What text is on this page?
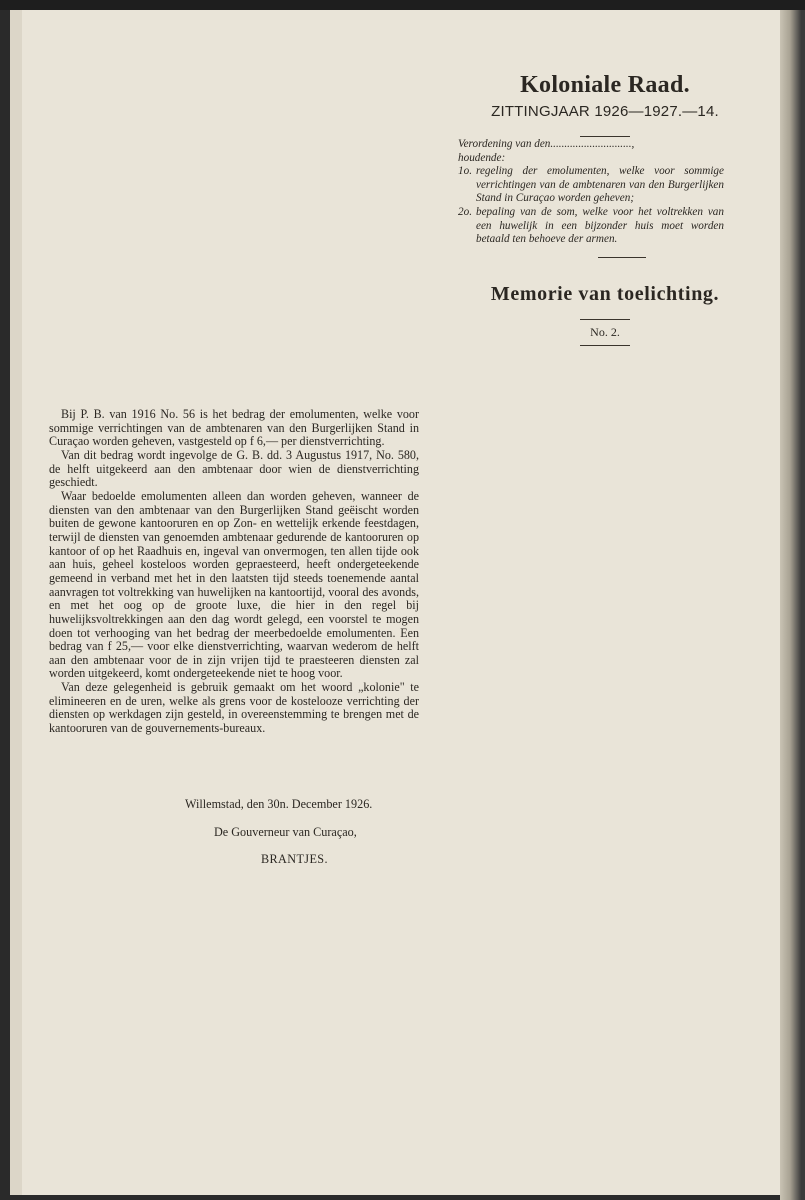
Koloniale Raad.
ZITTINGJAAR 1926—1927.—14.
Verordening van den.............................,
houdende:
1o. regeling der emolumenten, welke voor sommige verrichtingen van de ambtenaren van den Burgerlijken Stand in Curaçao worden geheven;
2o. bepaling van de som, welke voor het voltrekken van een huwelijk in een bijzonder huis moet worden betaald ten behoeve der armen.
Memorie van toelichting.
No. 2.

Bij P. B. van 1916 No. 56 is het bedrag der emolumenten, welke voor sommige verrichtingen van de ambtenaren van den Burgerlijken Stand in Curaçao worden geheven, vastgesteld op f 6,— per dienstverrichting.

Van dit bedrag wordt ingevolge de G. B. dd. 3 Augustus 1917, No. 580, de helft uitgekeerd aan den ambtenaar door wien de dienstverrichting geschiedt.

Waar bedoelde emolumenten alleen dan worden geheven, wanneer de diensten van den ambtenaar van den Burgerlijken Stand geëischt worden buiten de gewone kantooruren en op Zon- en wettelijk erkende feestdagen, terwijl de diensten van genoemden ambtenaar gedurende de kantooruren op kantoor of op het Raadhuis en, ingeval van onvermogen, ten allen tijde ook aan huis, geheel kosteloos worden gepraesteerd, heeft ondergeteekende gemeend in verband met het in den laatsten tijd steeds toenemende aantal aanvragen tot voltrekking van huwelijken na kantoortijd, vooral des avonds, en met het oog op de groote luxe, die hier in den regel bij huwelijksvoltrekkingen aan den dag wordt gelegd, een voorstel te mogen doen tot verhooging van het bedrag der meerbedoelde emolumenten. Een bedrag van f 25,— voor elke dienstverrichting, waarvan wederom de helft aan den ambtenaar voor de in zijn vrijen tijd te praesteeren diensten zal worden uitgekeerd, komt ondergeteekende niet te hoog voor.

Van deze gelegenheid is gebruik gemaakt om het woord „kolonie" te elimineeren en de uren, welke als grens voor de kostelooze verrichting der diensten op werkdagen zijn gesteld, in overeenstemming te brengen met de kantooruren van de gouvernements-bureaux.

Willemstad, den 30n. December 1926.
De Gouverneur van Curaçao,
BRANTJES.
